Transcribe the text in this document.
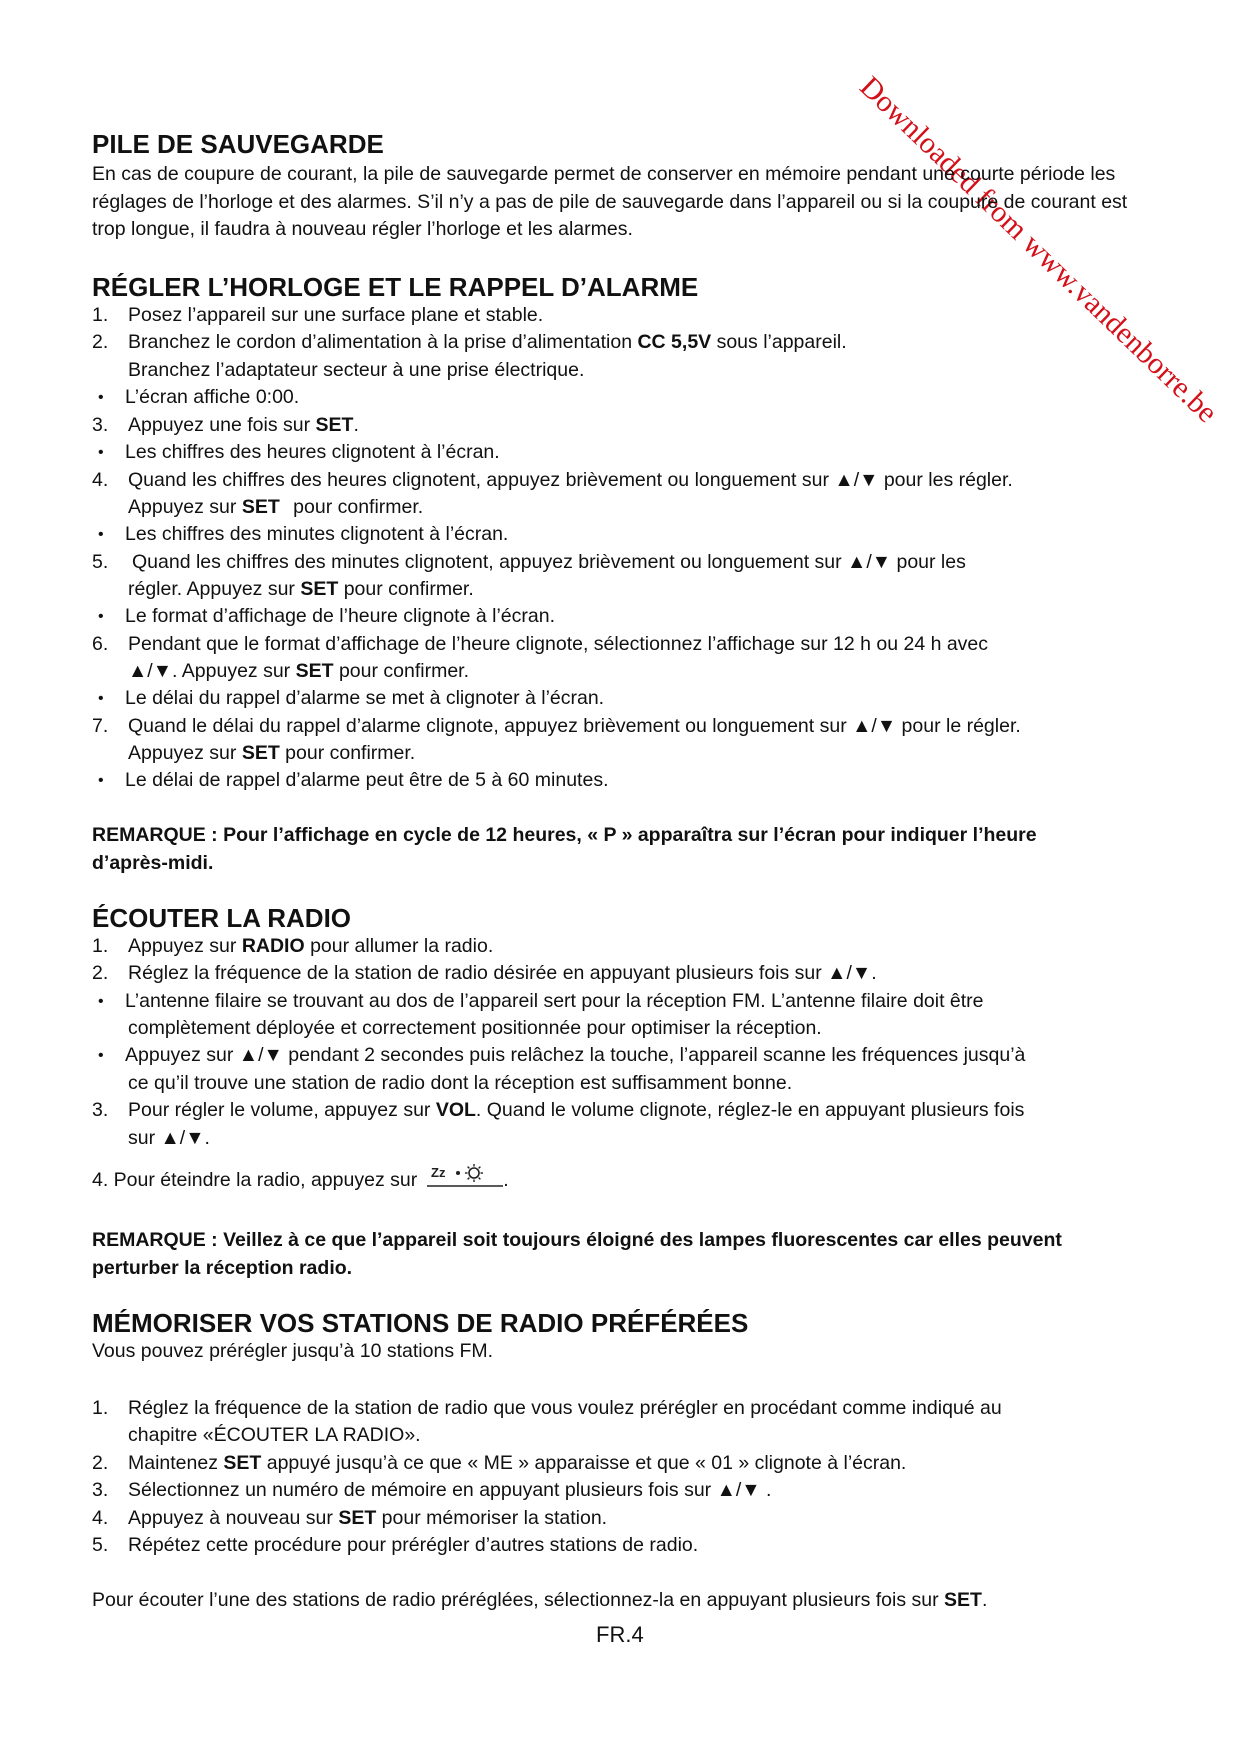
Downloaded from www.vandenborre.be
PILE DE SAUVEGARDE
En cas de coupure de courant, la pile de sauvegarde permet de conserver en mémoire pendant une courte période les réglages de l’horloge et des alarmes. S’il n’y a pas de pile de sauvegarde dans l’appareil ou si la coupure de courant est trop longue, il faudra à nouveau régler l’horloge et les alarmes.
RÉGLER L’HORLOGE ET LE RAPPEL D’ALARME
1. Posez l’appareil sur une surface plane et stable.
2. Branchez le cordon d’alimentation à la prise d’alimentation CC 5,5V sous l’appareil.
Branchez l’adaptateur secteur à une prise électrique.
• L’écran affiche 0:00.
3. Appuyez une fois sur SET.
• Les chiffres des heures clignotent à l’écran.
4. Quand les chiffres des heures clignotent, appuyez brièvement ou longuement sur ▲/▼ pour les régler.
Appuyez sur SET pour confirmer.
• Les chiffres des minutes clignotent à l’écran.
5. Quand les chiffres des minutes clignotent, appuyez brièvement ou longuement sur ▲/▼ pour les
régler. Appuyez sur SET pour confirmer.
• Le format d’affichage de l’heure clignote à l’écran.
6. Pendant que le format d’affichage de l’heure clignote, sélectionnez l’affichage sur 12 h ou 24 h avec
▲/▼. Appuyez sur SET pour confirmer.
• Le délai du rappel d’alarme se met à clignoter à l’écran.
7. Quand le délai du rappel d’alarme clignote, appuyez brièvement ou longuement sur ▲/▼ pour le régler.
Appuyez sur SET pour confirmer.
• Le délai de rappel d’alarme peut être de 5 à 60 minutes.
REMARQUE : Pour l’affichage en cycle de 12 heures, « P » apparaîtra sur l’écran pour indiquer l’heure
d’après-midi.
ÉCOUTER LA RADIO
1. Appuyez sur RADIO pour allumer la radio.
2. Réglez la fréquence de la station de radio désirée en appuyant plusieurs fois sur ▲/▼.
• L’antenne filaire se trouvant au dos de l’appareil sert pour la réception FM. L’antenne filaire doit être
complètement déployée et correctement positionnée pour optimiser la réception.
• Appuyez sur ▲/▼ pendant 2 secondes puis relâchez la touche, l’appareil scanne les fréquences jusqu’à
ce qu’il trouve une station de radio dont la réception est suffisamment bonne.
3. Pour régler le volume, appuyez sur VOL. Quand le volume clignote, réglez-le en appuyant plusieurs fois
sur ▲/▼.
4. Pour éteindre la radio, appuyez sur Zz	.
REMARQUE : Veillez à ce que l’appareil soit toujours éloigné des lampes fluorescentes car elles peuvent
perturber la réception radio.
MÉMORISER VOS STATIONS DE RADIO PRÉFÉRÉES
Vous pouvez prérégler jusqu’à 10 stations FM.
1. Réglez la fréquence de la station de radio que vous voulez prérégler en procédant comme indiqué au
chapitre «ÉCOUTER LA RADIO».
2. Maintenez SET appuyé jusqu’à ce que « ME » apparaisse et que « 01 » clignote à l’écran.
3. Sélectionnez un numéro de mémoire en appuyant plusieurs fois sur ▲/▼ .
4. Appuyez à nouveau sur SET pour mémoriser la station.
5. Répétez cette procédure pour prérégler d’autres stations de radio.
Pour écouter l’une des stations de radio préréglées, sélectionnez-la en appuyant plusieurs fois sur SET.
FR.4
